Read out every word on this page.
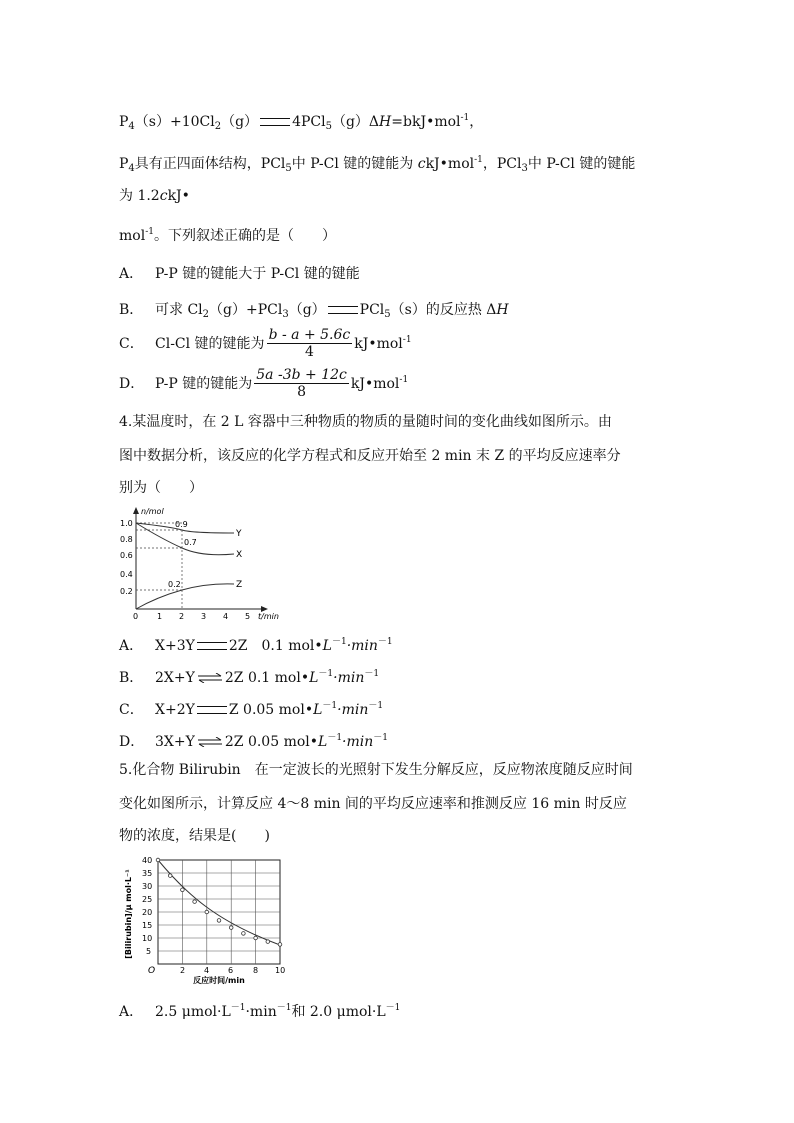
$P_4(s)+10Cl_2(g)$ 4PCl$_5$（g）ΔH=bkJ•mol$^{-1}$，
$P_4$具有正四面体结构，PCl$_5$中 P-Cl 键的键能为 ckJ•mol$^{-1}$，PCl$_3$中 P-Cl 键的键能
为 1.2ckJ•
mol$^{-1}$。下列叙述正确的是（　　）
A． P-P 键的键能大于 P-Cl 键的键能
B． 可求 $Cl_2(g)+PCl_3(g)$ PCl$_5$（s）的反应热 ΔH
C． Cl-Cl 键的键能为 $\frac{b - a + 5.6c}{4}$ kJ•mol$^{-1}$
D． P-P 键的键能为 $\frac{5a -3b + 12c}{8}$ kJ•mol$^{-1}$
4.某温度时，在 2 L 容器中三种物质的物质的量随时间的变化曲线如图所示。由
图中数据分析，该反应的化学方程式和反应开始至 2 min 末 Z 的平均反应速率分
别为（　　）
n/mol
t/min
1.0
0.8
0.6
0.4
0.2
0 1 2 3 4 5
0.9
0.7
0.2
Y
X
Z
A． X+3Y 2Z　0.1 $mol•L^{-1}\cdot\min^{-1}$
B． 2X+Y ⇌ 2Z 0.1 $mol•L^{-1}\cdot\min^{-1}$
C． X+2Y Z 0.05 $mol•L^{-1}\cdot\min^{-1}$
D． 3X+Y ⇌ 2Z 0.05 $mol•L^{-1}\cdot\min^{-1}$
5.化合物 Bilirubin　在一定波长的光照射下发生分解反应，反应物浓度随反应时间
变化如图所示，计算反应 4～8 min 间的平均反应速率和推测反应 16 min 时反应
物的浓度，结果是(　　)
[Bilirubin]/μ mol·L⁻¹
40
35
30
25
20
15
10
5
O	2 4 6 8 10
反应时间/min
A． 2.5 $\mu mol\cdot L^{-1}\cdot\min^{-1}$和 2.0 $\mu mol\cdot L^{-1}$
